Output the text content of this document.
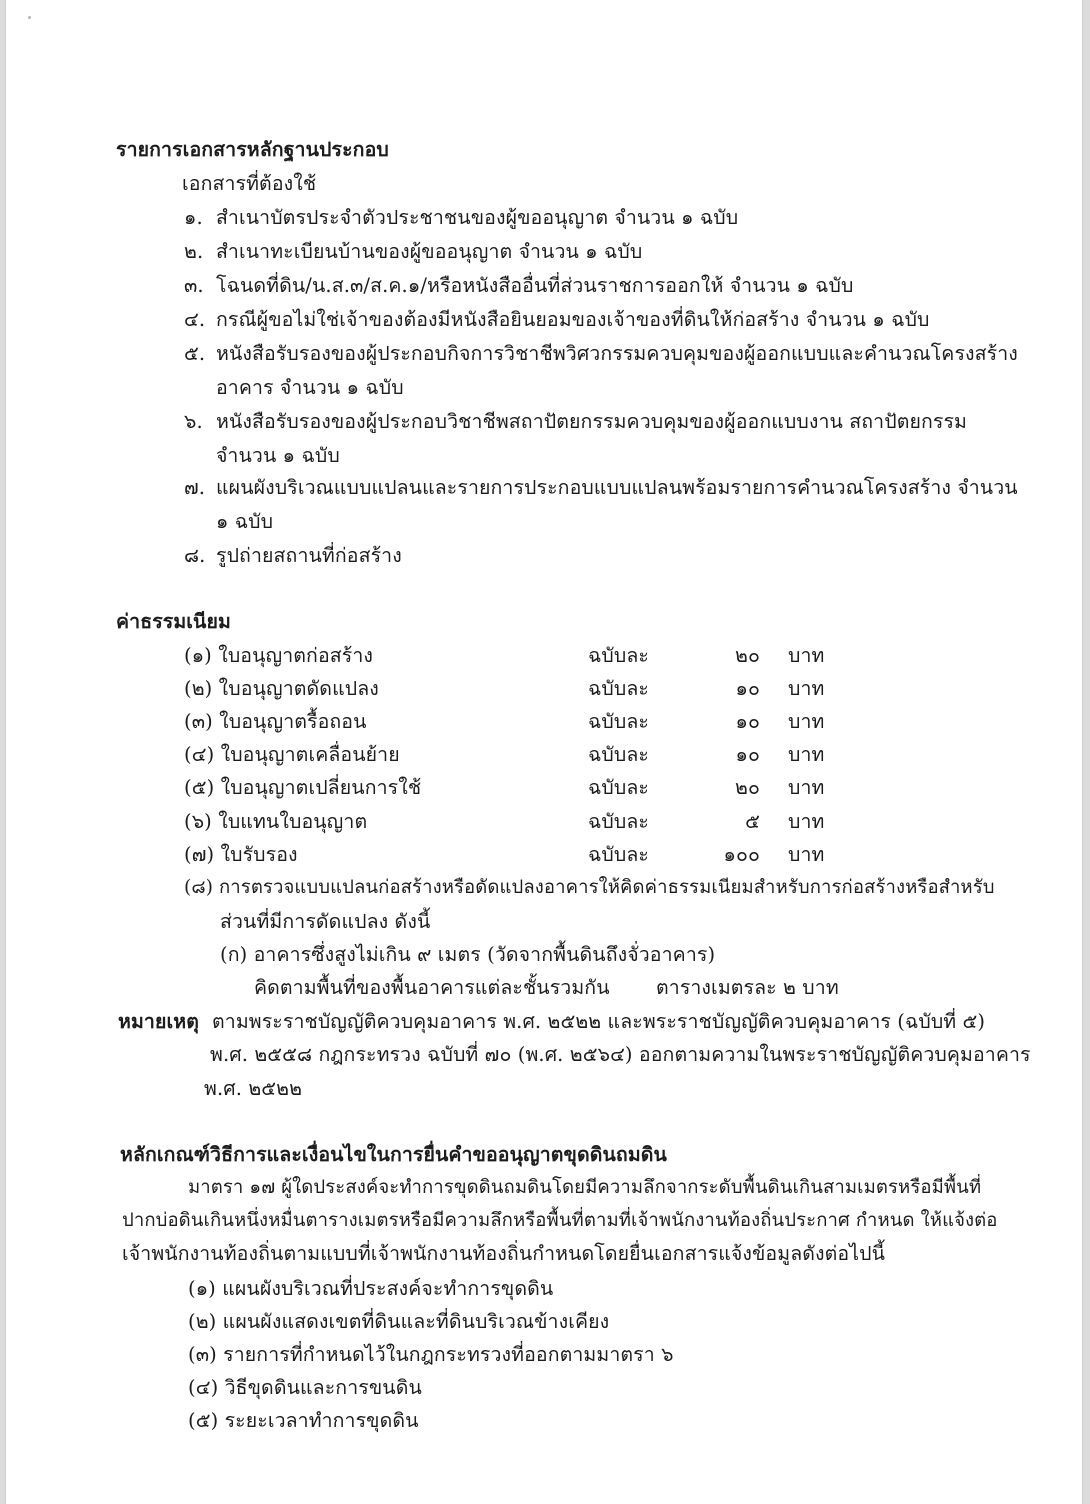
รายการเอกสารหลักฐานประกอบ
เอกสารที่ต้องใช้
๑. สำเนาบัตรประจำตัวประชาชนของผู้ขออนุญาต จำนวน ๑ ฉบับ
๒. สำเนาทะเบียนบ้านของผู้ขออนุญาต จำนวน ๑ ฉบับ
๓. โฉนดที่ดิน/น.ส.๓/ส.ค.๑/หรือหนังสืออื่นที่ส่วนราชการออกให้ จำนวน ๑ ฉบับ
๔. กรณีผู้ขอไม่ใช่เจ้าของต้องมีหนังสือยินยอมของเจ้าของที่ดินให้ก่อสร้าง จำนวน ๑ ฉบับ
๕. หนังสือรับรองของผู้ประกอบกิจการวิชาชีพวิศวกรรมควบคุมของผู้ออกแบบและคำนวณโครงสร้าง
อาคาร จำนวน ๑ ฉบับ
๖. หนังสือรับรองของผู้ประกอบวิชาชีพสถาปัตยกรรมควบคุมของผู้ออกแบบงาน สถาปัตยกรรม
จำนวน ๑ ฉบับ
๗. แผนผังบริเวณแบบแปลนและรายการประกอบแบบแปลนพร้อมรายการคำนวณโครงสร้าง จำนวน
๑ ฉบับ
๘. รูปถ่ายสถานที่ก่อสร้าง
ค่าธรรมเนียม
(๑) ใบอนุญาตก่อสร้าง	ฉบับละ	๒๐ บาท
(๒) ใบอนุญาตดัดแปลง	ฉบับละ	๑๐ บาท
(๓) ใบอนุญาตรื้อถอน	ฉบับละ	๑๐ บาท
(๔) ใบอนุญาตเคลื่อนย้าย	ฉบับละ	๑๐ บาท
(๕) ใบอนุญาตเปลี่ยนการใช้	ฉบับละ	๒๐ บาท
(๖) ใบแทนใบอนุญาต	ฉบับละ	๕ บาท
(๗) ใบรับรอง	ฉบับละ	๑๐๐ บาท
(๘) การตรวจแบบแปลนก่อสร้างหรือดัดแปลงอาคารให้คิดค่าธรรมเนียมสำหรับการก่อสร้างหรือสำหรับ
ส่วนที่มีการดัดแปลง ดังนี้
(ก) อาคารซึ่งสูงไม่เกิน ๙ เมตร (วัดจากพื้นดินถึงจั่วอาคาร)
คิดตามพื้นที่ของพื้นอาคารแต่ละชั้นรวมกัน ตารางเมตรละ ๒ บาท
หมายเหตุ ตามพระราชบัญญัติควบคุมอาคาร พ.ศ. ๒๕๒๒ และพระราชบัญญัติควบคุมอาคาร (ฉบับที่ ๕)
พ.ศ. ๒๕๕๘ กฎกระทรวง ฉบับที่ ๗๐ (พ.ศ. ๒๕๖๔) ออกตามความในพระราชบัญญัติควบคุมอาคาร
พ.ศ. ๒๕๒๒
หลักเกณฑ์วิธีการและเงื่อนไขในการยื่นคำขออนุญาตขุดดินถมดิน
มาตรา ๑๗ ผู้ใดประสงค์จะทำการขุดดินถมดินโดยมีความลึกจากระดับพื้นดินเกินสามเมตรหรือมีพื้นที่
ปากบ่อดินเกินหนึ่งหมื่นตารางเมตรหรือมีความลึกหรือพื้นที่ตามที่เจ้าพนักงานท้องถิ่นประกาศ กำหนด ให้แจ้งต่อ
เจ้าพนักงานท้องถิ่นตามแบบที่เจ้าพนักงานท้องถิ่นกำหนดโดยยื่นเอกสารแจ้งข้อมูลดังต่อไปนี้
(๑) แผนผังบริเวณที่ประสงค์จะทำการขุดดิน
(๒) แผนผังแสดงเขตที่ดินและที่ดินบริเวณข้างเคียง
(๓) รายการที่กำหนดไว้ในกฎกระทรวงที่ออกตามมาตรา ๖
(๔) วิธีขุดดินและการขนดิน
(๕) ระยะเวลาทำการขุดดิน
